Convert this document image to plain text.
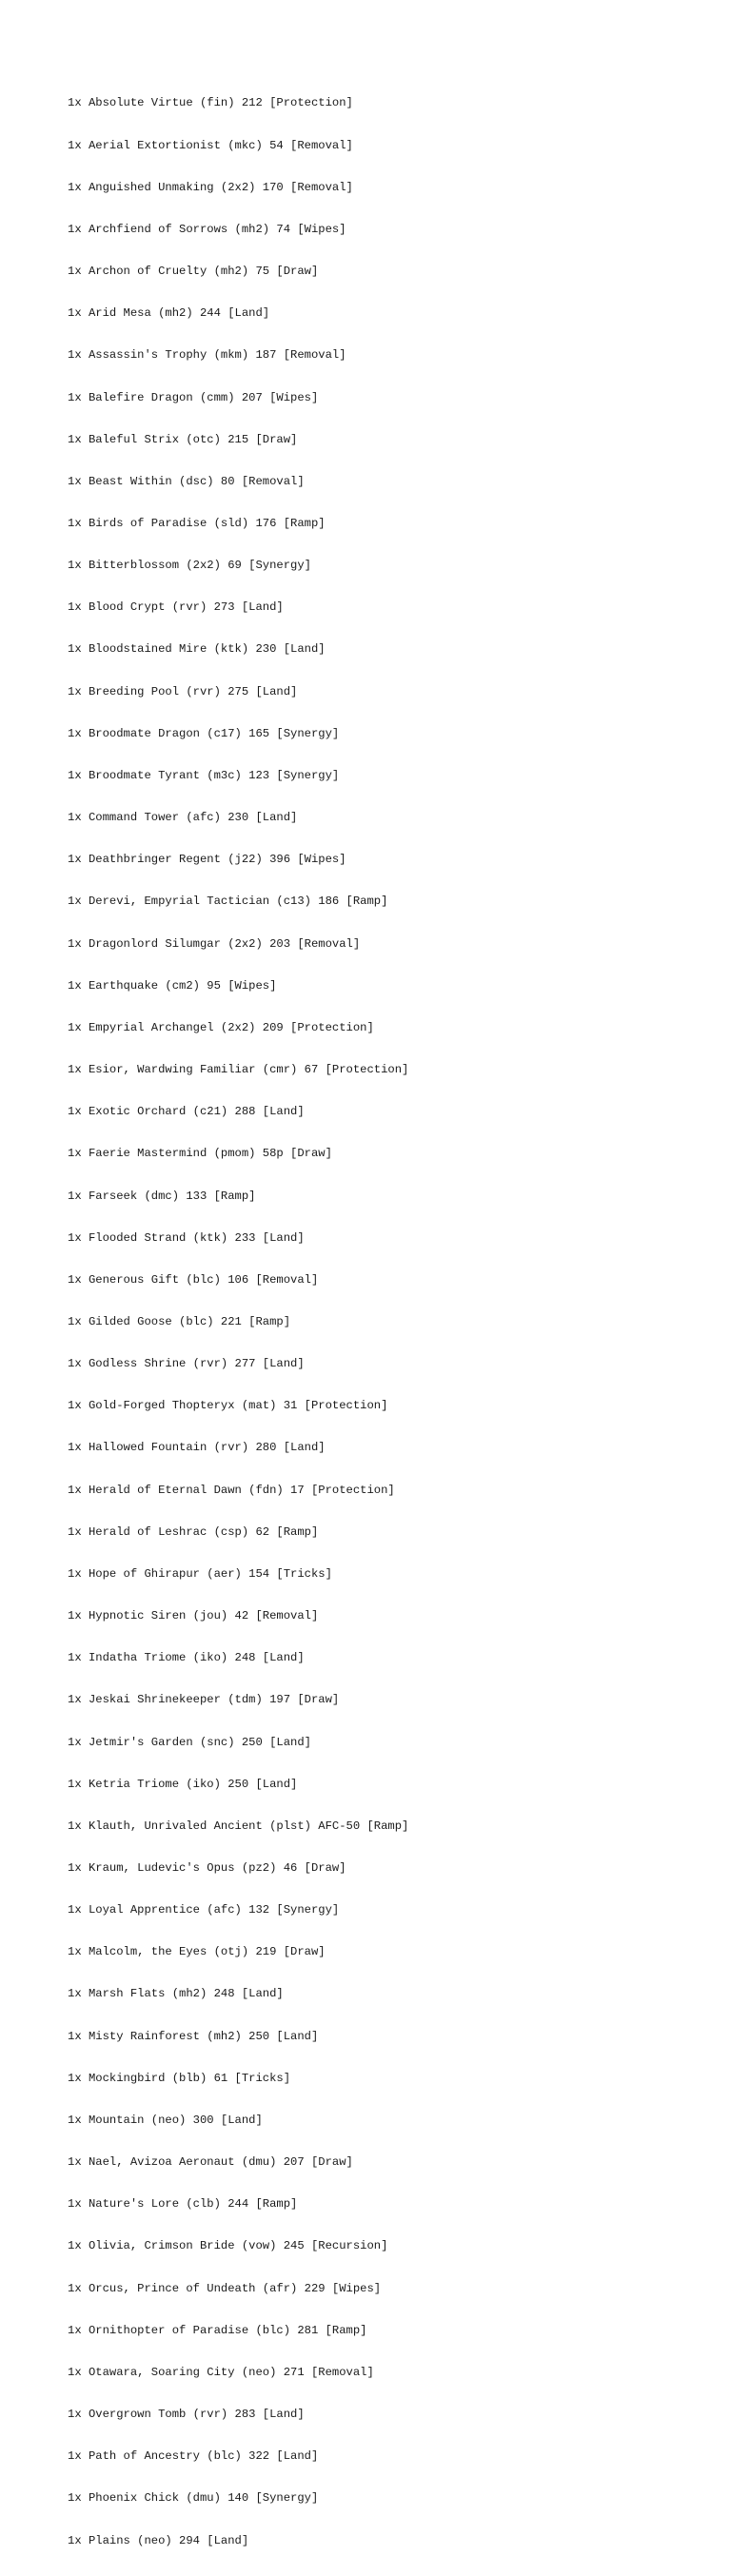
1x Absolute Virtue (fin) 212 [Protection]

1x Aerial Extortionist (mkc) 54 [Removal]

1x Anguished Unmaking (2x2) 170 [Removal]

1x Archfiend of Sorrows (mh2) 74 [Wipes]

1x Archon of Cruelty (mh2) 75 [Draw]

1x Arid Mesa (mh2) 244 [Land]

1x Assassin's Trophy (mkm) 187 [Removal]

1x Balefire Dragon (cmm) 207 [Wipes]

1x Baleful Strix (otc) 215 [Draw]

1x Beast Within (dsc) 80 [Removal]

1x Birds of Paradise (sld) 176 [Ramp]

1x Bitterblossom (2x2) 69 [Synergy]

1x Blood Crypt (rvr) 273 [Land]

1x Bloodstained Mire (ktk) 230 [Land]

1x Breeding Pool (rvr) 275 [Land]

1x Broodmate Dragon (c17) 165 [Synergy]

1x Broodmate Tyrant (m3c) 123 [Synergy]

1x Command Tower (afc) 230 [Land]

1x Deathbringer Regent (j22) 396 [Wipes]

1x Derevi, Empyrial Tactician (c13) 186 [Ramp]

1x Dragonlord Silumgar (2x2) 203 [Removal]

1x Earthquake (cm2) 95 [Wipes]

1x Empyrial Archangel (2x2) 209 [Protection]

1x Esior, Wardwing Familiar (cmr) 67 [Protection]

1x Exotic Orchard (c21) 288 [Land]

1x Faerie Mastermind (pmom) 58p [Draw]

1x Farseek (dmc) 133 [Ramp]

1x Flooded Strand (ktk) 233 [Land]

1x Generous Gift (blc) 106 [Removal]

1x Gilded Goose (blc) 221 [Ramp]

1x Godless Shrine (rvr) 277 [Land]

1x Gold-Forged Thopteryx (mat) 31 [Protection]

1x Hallowed Fountain (rvr) 280 [Land]

1x Herald of Eternal Dawn (fdn) 17 [Protection]

1x Herald of Leshrac (csp) 62 [Ramp]

1x Hope of Ghirapur (aer) 154 [Tricks]

1x Hypnotic Siren (jou) 42 [Removal]

1x Indatha Triome (iko) 248 [Land]

1x Jeskai Shrinekeeper (tdm) 197 [Draw]

1x Jetmir's Garden (snc) 250 [Land]

1x Ketria Triome (iko) 250 [Land]

1x Klauth, Unrivaled Ancient (plst) AFC-50 [Ramp]

1x Kraum, Ludevic's Opus (pz2) 46 [Draw]

1x Loyal Apprentice (afc) 132 [Synergy]

1x Malcolm, the Eyes (otj) 219 [Draw]

1x Marsh Flats (mh2) 248 [Land]

1x Misty Rainforest (mh2) 250 [Land]

1x Mockingbird (blb) 61 [Tricks]

1x Mountain (neo) 300 [Land]

1x Nael, Avizoa Aeronaut (dmu) 207 [Draw]

1x Nature's Lore (clb) 244 [Ramp]

1x Olivia, Crimson Bride (vow) 245 [Recursion]

1x Orcus, Prince of Undeath (afr) 229 [Wipes]

1x Ornithopter of Paradise (blc) 281 [Ramp]

1x Otawara, Soaring City (neo) 271 [Removal]

1x Overgrown Tomb (rvr) 283 [Land]

1x Path of Ancestry (blc) 322 [Land]

1x Phoenix Chick (dmu) 140 [Synergy]

1x Plains (neo) 294 [Land]
